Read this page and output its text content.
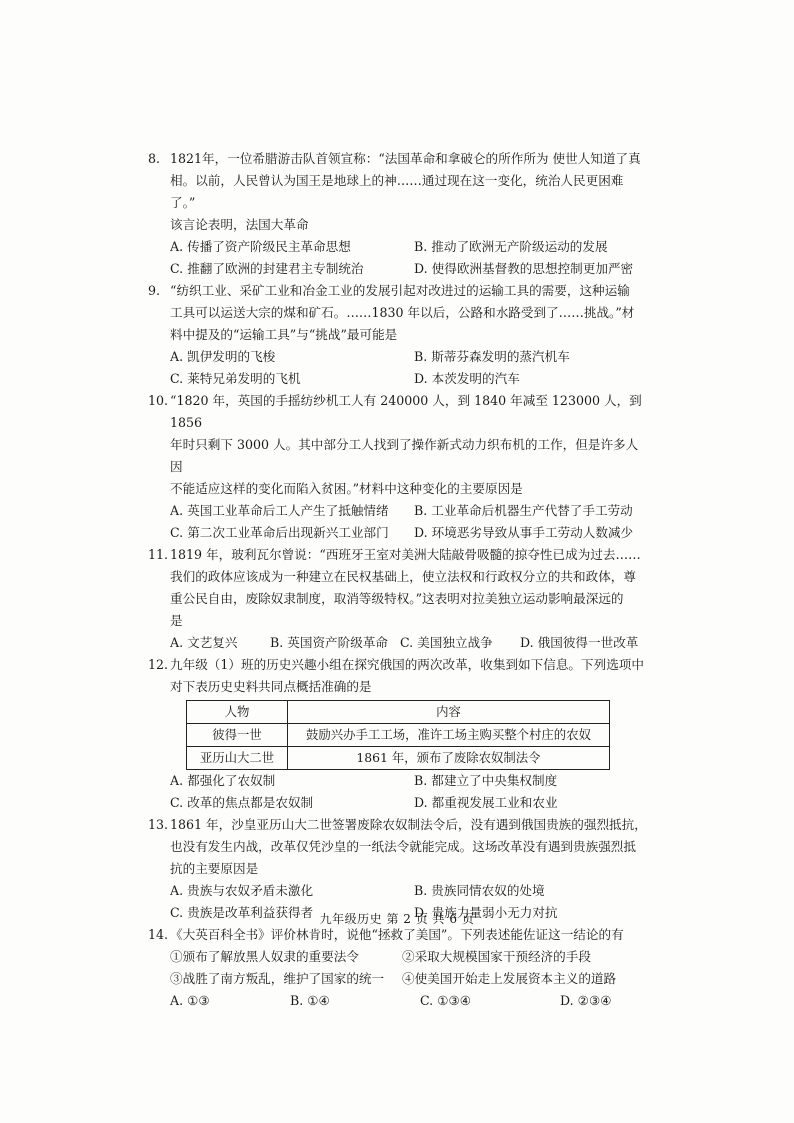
8. 1821年，一位希腊游击队首领宣称：“法国革命和拿破仑的所作所为 使世人知道了真
相。以前，人民曾认为国王是地球上的神……通过现在这一变化，统治人民更困难了。”
该言论表明，法国大革命
A. 传播了资产阶级民主革命思想	B. 推动了欧洲无产阶级运动的发展
C. 推翻了欧洲的封建君主专制统治	D. 使得欧洲基督教的思想控制更加严密
9. “纺织工业、采矿工业和冶金工业的发展引起对改进过的运输工具的需要，这种运输
工具可以运送大宗的煤和矿石。……1830 年以后，公路和水路受到了……挑战。”材
料中提及的“运输工具”与“挑战”最可能是
A. 凯伊发明的飞梭	B. 斯蒂芬森发明的蒸汽机车
C. 莱特兄弟发明的飞机	D. 本茨发明的汽车
10. “1820 年，英国的手摇纺纱机工人有 240000 人，到 1840 年减至 123000 人，到 1856
年时只剩下 3000 人。其中部分工人找到了操作新式动力织布机的工作，但是许多人因
不能适应这样的变化而陷入贫困。”材料中这种变化的主要原因是
A. 英国工业革命后工人产生了抵触情绪	B. 工业革命后机器生产代替了手工劳动
C. 第二次工业革命后出现新兴工业部门	D. 环境恶劣导致从事手工劳动人数减少
11. 1819 年，玻利瓦尔曾说：“西班牙王室对美洲大陆敲骨吸髓的掠夺性已成为过去……
我们的政体应该成为一种建立在民权基础上，使立法权和行政权分立的共和政体，尊
重公民自由，废除奴隶制度，取消等级特权。”这表明对拉美独立运动影响最深远的
是
A. 文艺复兴	B. 英国资产阶级革命 C. 美国独立战争	D. 俄国彼得一世改革
12. 九年级（1）班的历史兴趣小组在探究俄国的两次改革，收集到如下信息。下列选项中
对下表历史史料共同点概括准确的是
人物	内容
彼得一世	鼓励兴办手工工场，准许工场主购买整个村庄的农奴
亚历山大二世	1861 年，颁布了废除农奴制法令
A. 都强化了农奴制	B. 都建立了中央集权制度
C. 改革的焦点都是农奴制	D. 都重视发展工业和农业
13. 1861 年，沙皇亚历山大二世签署废除农奴制法令后，没有遇到俄国贵族的强烈抵抗，
也没有发生内战，改革仅凭沙皇的一纸法令就能完成。这场改革没有遇到贵族强烈抵
抗的主要原因是
A. 贵族与农奴矛盾未激化	B. 贵族同情农奴的处境
C. 贵族是改革利益获得者	D. 贵族力量弱小无力对抗
14. 《大英百科全书》评价林肯时，说他“拯救了美国”。下列表述能佐证这一结论的有
①颁布了解放黑人奴隶的重要法令	②采取大规模国家干预经济的手段
③战胜了南方叛乱，维护了国家的统一	④使美国开始走上发展资本主义的道路
A. ①③	B. ①④	C. ①③④	D. ②③④
九年级历史 第 2 页 共 6 页
